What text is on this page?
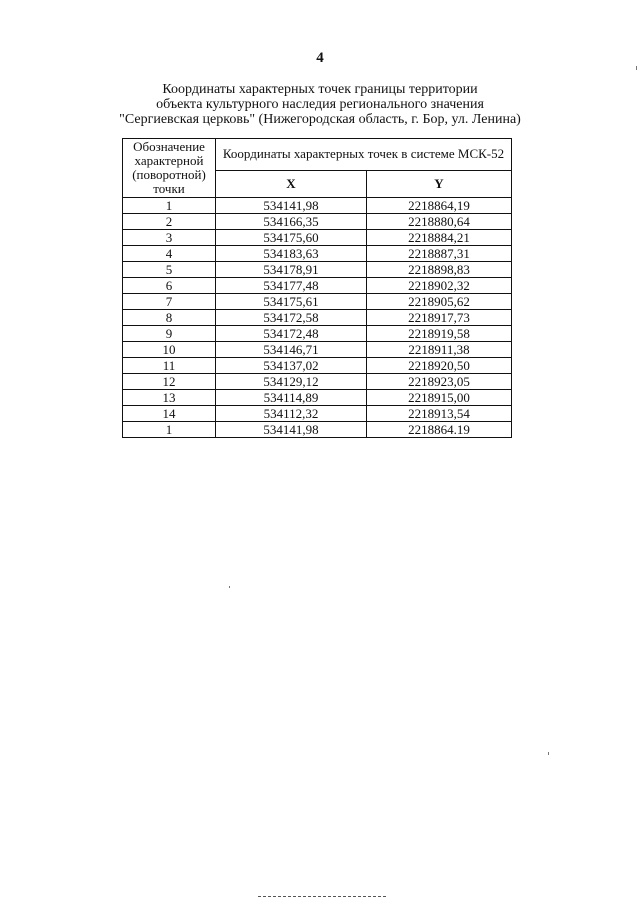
4
Координаты характерных точек границы территории
объекта культурного наследия регионального значения
"Сергиевская церковь" (Нижегородская область, г. Бор, ул. Ленина)
Обозначение характерной (поворотной) точки	Координаты характерных точек в системе МСК-52	
	X	Y
1	534141,98	2218864,19
2	534166,35	2218880,64
3	534175,60	2218884,21
4	534183,63	2218887,31
5	534178,91	2218898,83
6	534177,48	2218902,32
7	534175,61	2218905,62
8	534172,58	2218917,73
9	534172,48	2218919,58
10	534146,71	2218911,38
11	534137,02	2218920,50
12	534129,12	2218923,05
13	534114,89	2218915,00
14	534112,32	2218913,54
1	534141,98	2218864.19
